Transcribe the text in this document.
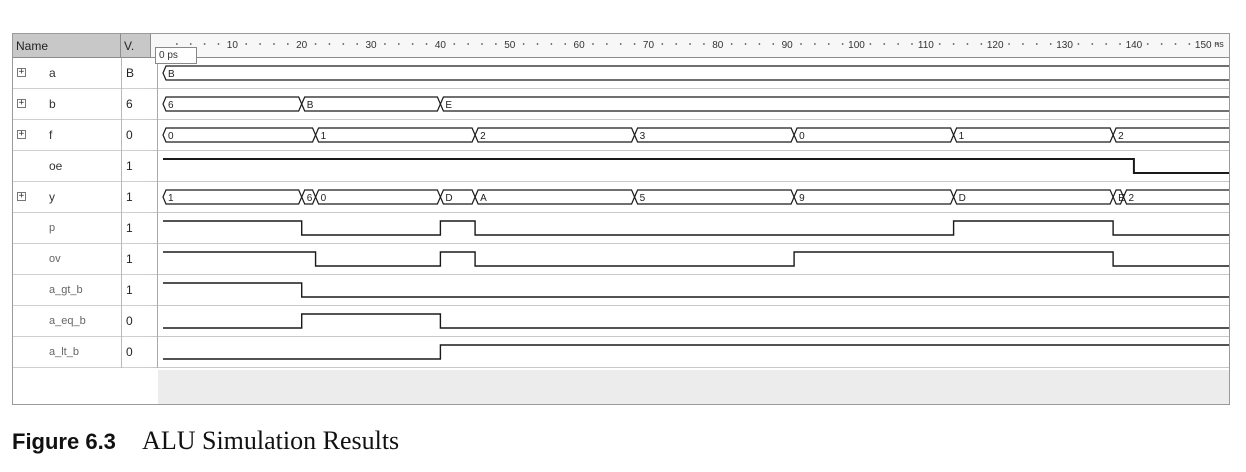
Name	V.	10	20	30	40	50	60	70	80	90	100	110	120	130	140	150 ns
0 ps
+ a	B
+ b	6
+ f	0
oe	1
+ y	1
p	1
ov	1
a_gt_b	1
a_eq_b	0
a_lt_b	0
B
6	B	E
0	1	2	3	0	1	2
1	6 0	D	A	5	9	D	E 2
Figure 6.3 ALU Simulation Results
